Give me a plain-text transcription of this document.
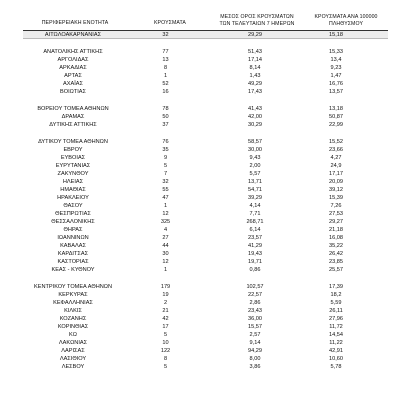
ΠΕΡΙΦΕΡΕΙΑΚΗ ΕΝΟΤΗΤΑ	ΚΡΟΥΣΜΑΤΑ
ΜΕΣΟΣ ΟΡΟΣ ΚΡΟΥΣΜΑΤΩΝ ΤΩΝ ΤΕΛΕΥΤΑΙΩΝ 7 ΗΜΕΡΩΝ
ΚΡΟΥΣΜΑΤΑ ΑΝΑ 100000 ΠΛΗΘΥΣΜΟΥ
ΑΙΤΩΛΟΑΚΑΡΝΑΝΙΑΣ	32	29,29	15,18
ΑΝΑΤΟΛΙΚΗΣ ΑΤΤΙΚΗΣ	77	51,43	15,33
ΑΡΓΟΛΙΔΑΣ	13	17,14	13,4
ΑΡΚΑΔΙΑΣ	8	8,14	9,23
ΑΡΤΑΣ	1	1,43	1,47
ΑΧΑΪΑΣ	52	49,29	16,76
ΒΟΙΩΤΙΑΣ	16	17,43	13,57
ΒΟΡΕΙΟΥ ΤΟΜΕΑ ΑΘΗΝΩΝ	78	41,43	13,18
ΔΡΑΜΑΣ	50	42,00	50,87
ΔΥΤΙΚΗΣ ΑΤΤΙΚΗΣ	37	30,29	22,99
ΔΥΤΙΚΟΥ ΤΟΜΕΑ ΑΘΗΝΩΝ	76	58,57	15,52
ΕΒΡΟΥ	35	30,00	23,66
ΕΥΒΟΙΑΣ	9	9,43	4,27
ΕΥΡΥΤΑΝΙΑΣ	5	2,00	24,9
ΖΑΚΥΝΘΟΥ	7	5,57	17,17
ΗΛΕΙΑΣ	32	13,71	20,09
ΗΜΑΘΙΑΣ	55	54,71	39,12
ΗΡΑΚΛΕΙΟΥ	47	39,29	15,39
ΘΑΣΟΥ	1	4,14	7,26
ΘΕΣΠΡΩΤΙΑΣ	12	7,71	27,53
ΘΕΣΣΑΛΟΝΙΚΗΣ	325	268,71	29,27
ΘΗΡΑΣ	4	6,14	21,18
ΙΩΑΝΝΙΝΩΝ	27	23,57	16,08
ΚΑΒΑΛΑΣ	44	41,29	35,22
ΚΑΡΔΙΤΣΑΣ	30	19,43	26,42
ΚΑΣΤΟΡΙΑΣ	12	19,71	23,85
ΚΕΑΣ - ΚΥΘΝΟΥ	1	0,86	25,57
ΚΕΝΤΡΙΚΟΥ ΤΟΜΕΑ ΑΘΗΝΩΝ	179	102,57	17,39
ΚΕΡΚΥΡΑΣ	19	22,57	18,2
ΚΕΦΑΛΛΗΝΙΑΣ	2	2,86	5,59
ΚΙΛΚΙΣ	21	23,43	26,11
ΚΟΖΑΝΗΣ	42	36,00	27,96
ΚΟΡΙΝΘΙΑΣ	17	15,57	11,72
ΚΩ	5	2,57	14,54
ΛΑΚΩΝΙΑΣ	10	9,14	11,22
ΛΑΡΙΣΑΣ	122	94,29	42,91
ΛΑΣΙΘΙΟΥ	8	8,00	10,60
ΛΕΣΒΟΥ	5	3,86	5,78
